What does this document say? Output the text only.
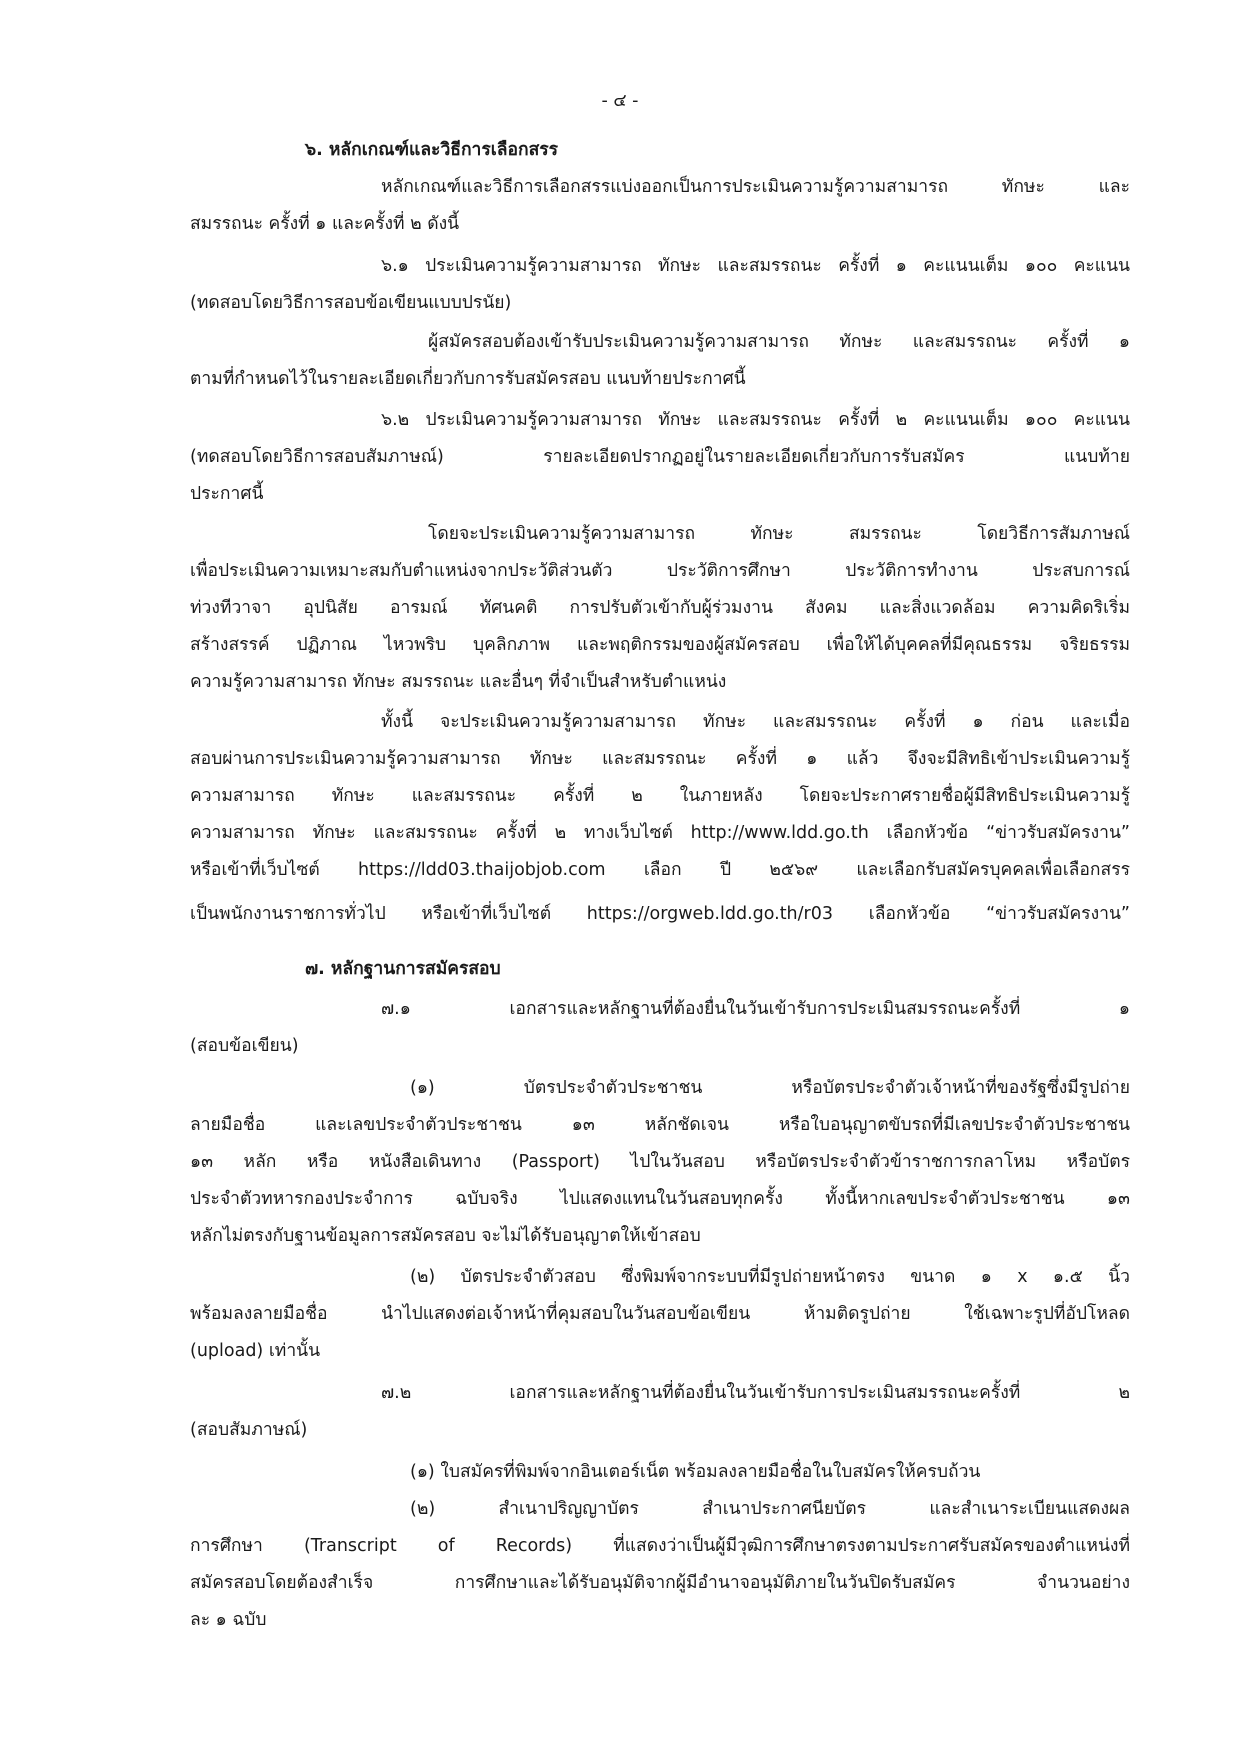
- ๔ -
๖. หลักเกณฑ์และวิธีการเลือกสรร
หลักเกณฑ์และวิธีการเลือกสรรแบ่งออกเป็นการประเมินความรู้ความสามารถ ทักษะ และ
สมรรถนะ ครั้งที่ ๑ และครั้งที่ ๒ ดังนี้
๖.๑ ประเมินความรู้ความสามารถ ทักษะ และสมรรถนะ ครั้งที่ ๑ คะแนนเต็ม ๑๐๐ คะแนน
(ทดสอบโดยวิธีการสอบข้อเขียนแบบปรนัย)
ผู้สมัครสอบต้องเข้ารับประเมินความรู้ความสามารถ ทักษะ และสมรรถนะ ครั้งที่ ๑
ตามที่กำหนดไว้ในรายละเอียดเกี่ยวกับการรับสมัครสอบ แนบท้ายประกาศนี้
๖.๒ ประเมินความรู้ความสามารถ ทักษะ และสมรรถนะ ครั้งที่ ๒ คะแนนเต็ม ๑๐๐ คะแนน
(ทดสอบโดยวิธีการสอบสัมภาษณ์) รายละเอียดปรากฏอยู่ในรายละเอียดเกี่ยวกับการรับสมัคร แนบท้าย
ประกาศนี้
โดยจะประเมินความรู้ความสามารถ ทักษะ สมรรถนะ โดยวิธีการสัมภาษณ์
เพื่อประเมินความเหมาะสมกับตำแหน่งจากประวัติส่วนตัว ประวัติการศึกษา ประวัติการทำงาน ประสบการณ์
ท่วงทีวาจา อุปนิสัย อารมณ์ ทัศนคติ การปรับตัวเข้ากับผู้ร่วมงาน สังคม และสิ่งแวดล้อม ความคิดริเริ่ม
สร้างสรรค์ ปฏิภาณ ไหวพริบ บุคลิกภาพ และพฤติกรรมของผู้สมัครสอบ เพื่อให้ได้บุคคลที่มีคุณธรรม จริยธรรม
ความรู้ความสามารถ ทักษะ สมรรถนะ และอื่นๆ ที่จำเป็นสำหรับตำแหน่ง
ทั้งนี้ จะประเมินความรู้ความสามารถ ทักษะ และสมรรถนะ ครั้งที่ ๑ ก่อน และเมื่อ
สอบผ่านการประเมินความรู้ความสามารถ ทักษะ และสมรรถนะ ครั้งที่ ๑ แล้ว จึงจะมีสิทธิเข้าประเมินความรู้
ความสามารถ ทักษะ และสมรรถนะ ครั้งที่ ๒ ในภายหลัง โดยจะประกาศรายชื่อผู้มีสิทธิประเมินความรู้
ความสามารถ ทักษะ และสมรรถนะ ครั้งที่ ๒ ทางเว็บไซต์ http://www.ldd.go.th เลือกหัวข้อ “ข่าวรับสมัครงาน”
หรือเข้าที่เว็บไซต์ https://ldd03.thaijobjob.com เลือก ปี ๒๕๖๙ และเลือกรับสมัครบุคคลเพื่อเลือกสรร
เป็นพนักงานราชการทั่วไป หรือเข้าที่เว็บไซต์ https://orgweb.ldd.go.th/r03 เลือกหัวข้อ “ข่าวรับสมัครงาน”
๗. หลักฐานการสมัครสอบ
๗.๑ เอกสารและหลักฐานที่ต้องยื่นในวันเข้ารับการประเมินสมรรถนะครั้งที่ ๑
(สอบข้อเขียน)
(๑) บัตรประจำตัวประชาชน หรือบัตรประจำตัวเจ้าหน้าที่ของรัฐซึ่งมีรูปถ่าย
ลายมือชื่อ และเลขประจำตัวประชาชน ๑๓ หลักชัดเจน หรือใบอนุญาตขับรถที่มีเลขประจำตัวประชาชน
๑๓ หลัก หรือ หนังสือเดินทาง (Passport) ไปในวันสอบ หรือบัตรประจำตัวข้าราชการกลาโหม หรือบัตร
ประจำตัวทหารกองประจำการ ฉบับจริง ไปแสดงแทนในวันสอบทุกครั้ง ทั้งนี้หากเลขประจำตัวประชาชน ๑๓
หลักไม่ตรงกับฐานข้อมูลการสมัครสอบ จะไม่ได้รับอนุญาตให้เข้าสอบ
(๒) บัตรประจำตัวสอบ ซึ่งพิมพ์จากระบบที่มีรูปถ่ายหน้าตรง ขนาด ๑ x ๑.๕ นิ้ว
พร้อมลงลายมือชื่อ นำไปแสดงต่อเจ้าหน้าที่คุมสอบในวันสอบข้อเขียน ห้ามติดรูปถ่าย ใช้เฉพาะรูปที่อัปโหลด
(upload) เท่านั้น
๗.๒ เอกสารและหลักฐานที่ต้องยื่นในวันเข้ารับการประเมินสมรรถนะครั้งที่ ๒
(สอบสัมภาษณ์)
(๑) ใบสมัครที่พิมพ์จากอินเตอร์เน็ต พร้อมลงลายมือชื่อในใบสมัครให้ครบถ้วน
(๒) สำเนาปริญญาบัตร สำเนาประกาศนียบัตร และสำเนาระเบียนแสดงผล
การศึกษา (Transcript of Records) ที่แสดงว่าเป็นผู้มีวุฒิการศึกษาตรงตามประกาศรับสมัครของตำแหน่งที่
สมัครสอบโดยต้องสำเร็จ การศึกษาและได้รับอนุมัติจากผู้มีอำนาจอนุมัติภายในวันปิดรับสมัคร จำนวนอย่าง
ละ ๑ ฉบับ
